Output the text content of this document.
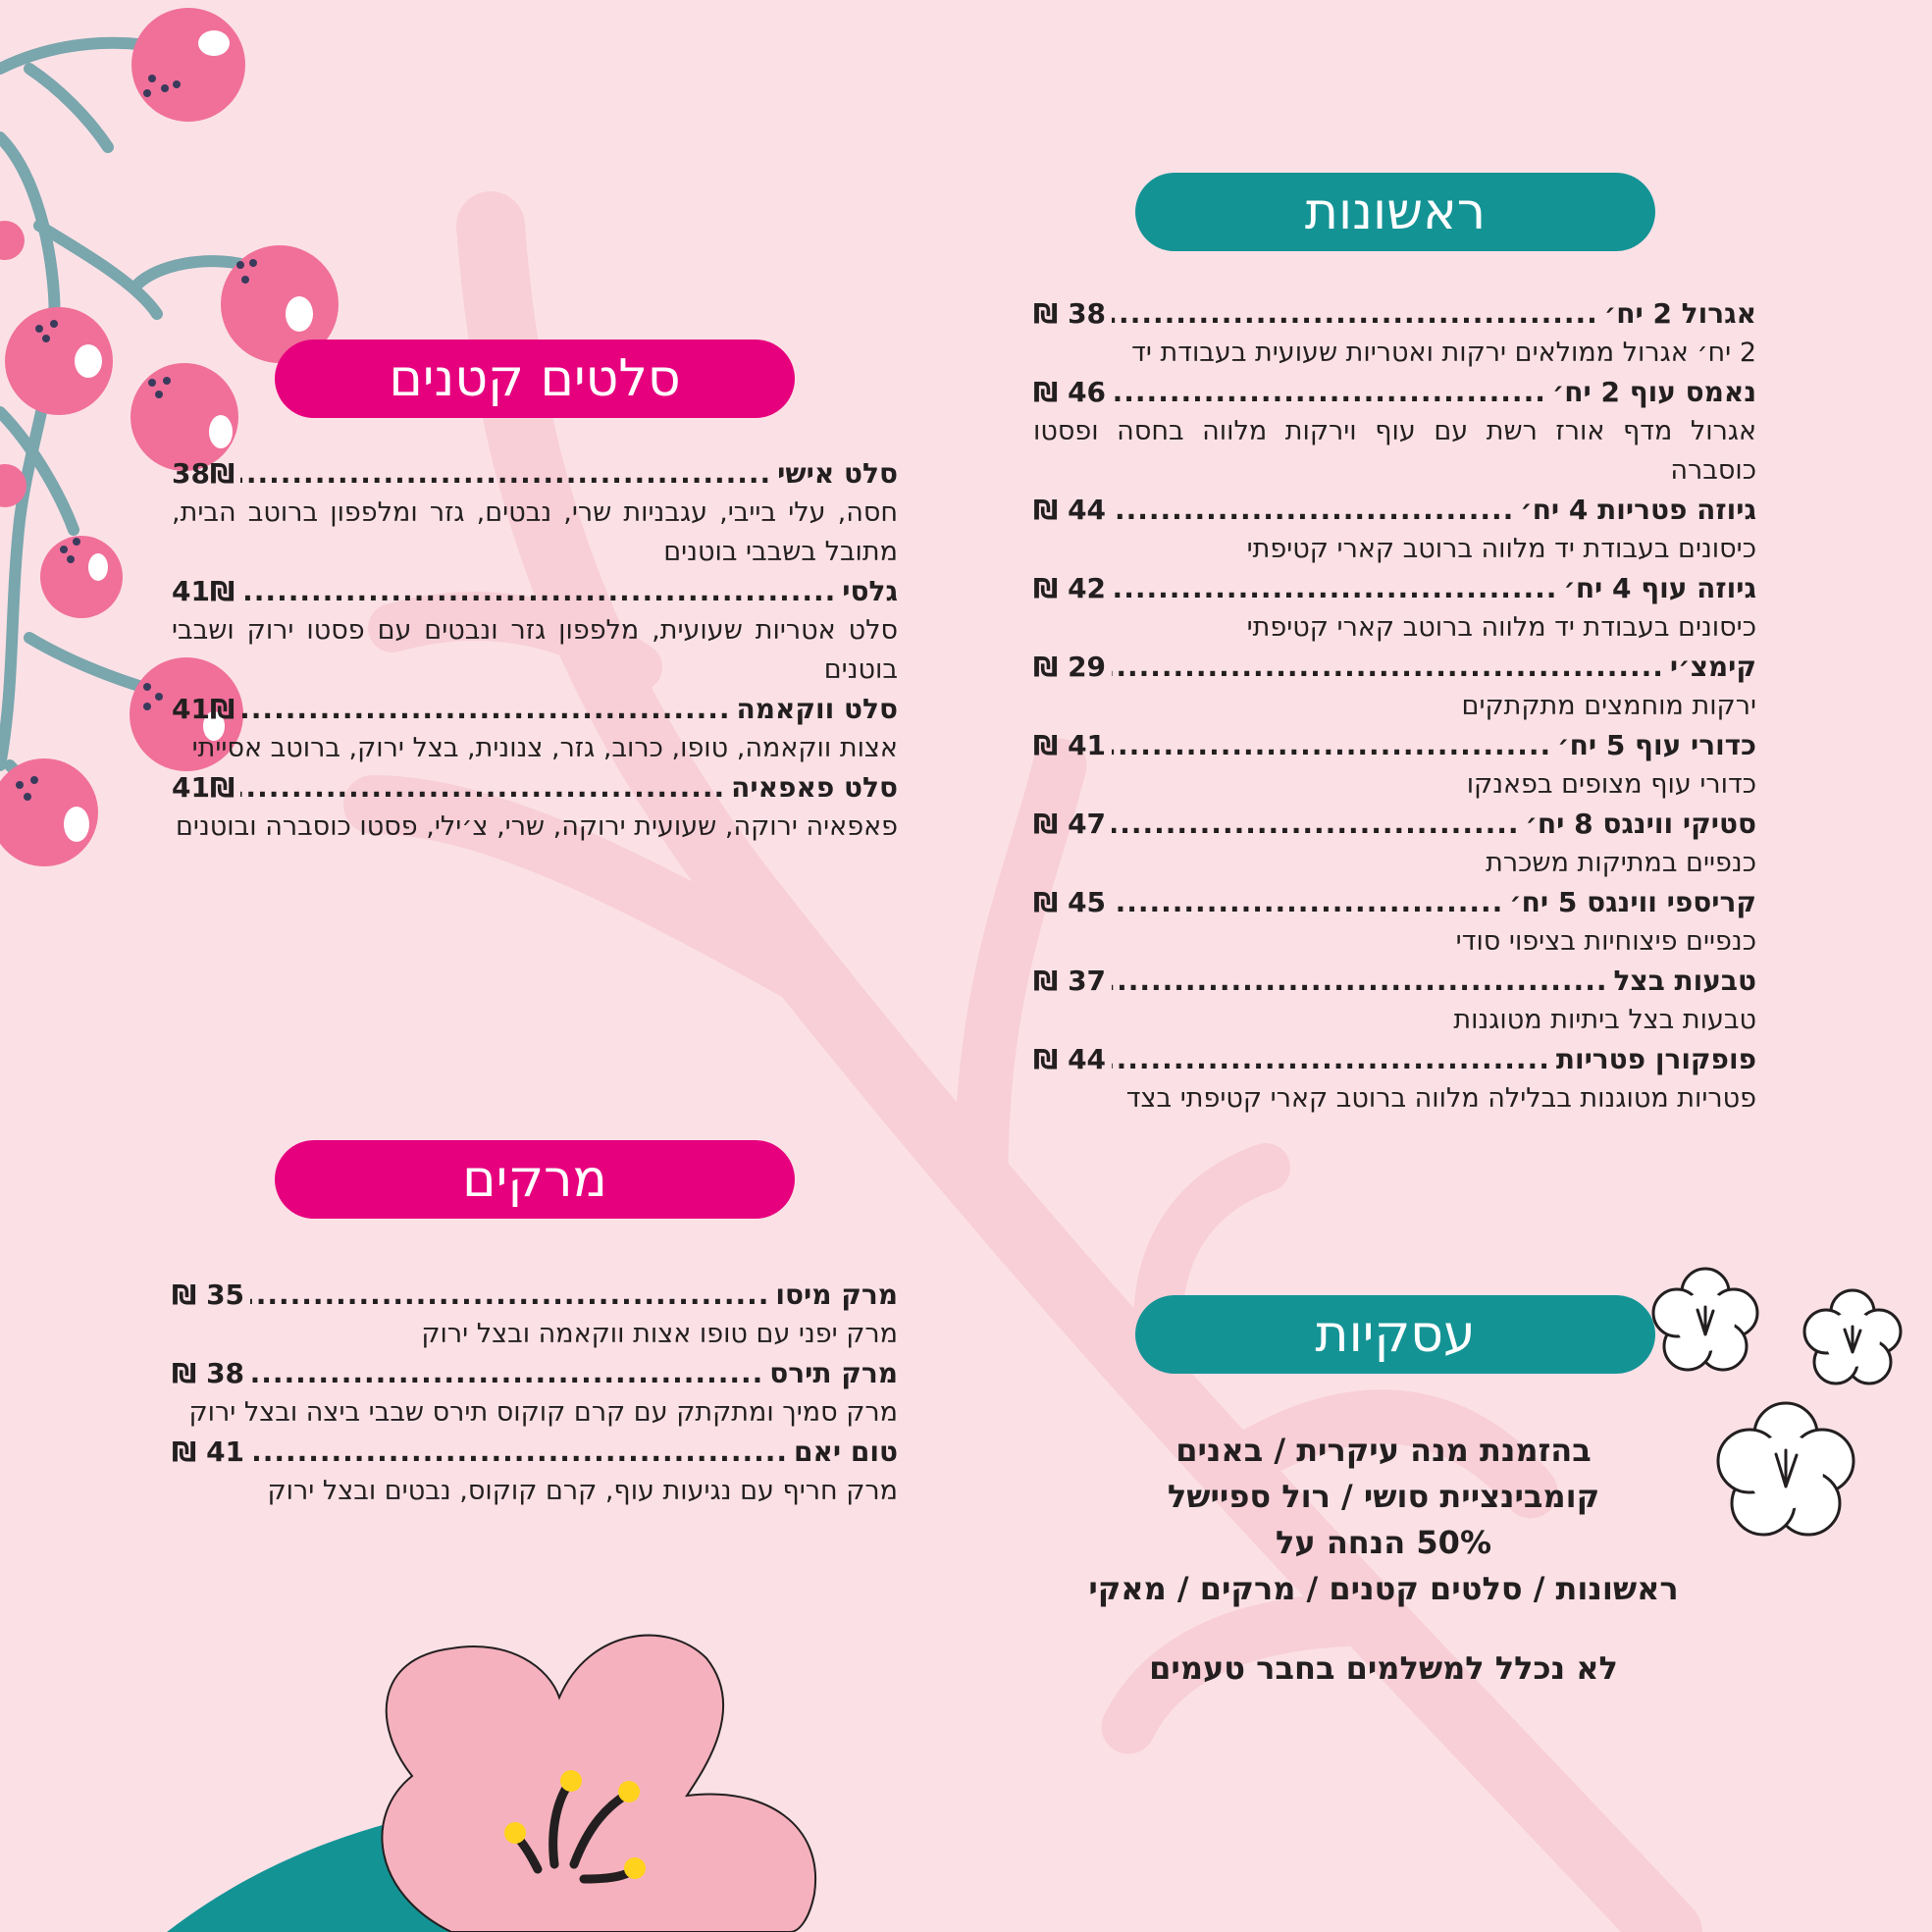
ראשונות
אגרול 2 יח׳
.....
38 ₪
2 יח׳ אגרול ממולאים ירקות ואטריות שעועית בעבודת יד
נאמס עוף 2 יח׳
.....
46 ₪
אגרול מדף אורז רשת עם עוף וירקות מלווה בחסה ופסטו כוסברה
גיוזה פטריות 4 יח׳
.....
44 ₪
כיסונים בעבודת יד מלווה ברוטב קארי קטיפתי
גיוזה עוף 4 יח׳
.....
42 ₪
כיסונים בעבודת יד מלווה ברוטב קארי קטיפתי
קימצ׳י
.....
29 ₪
ירקות מוחמצים מתקתקים
כדורי עוף 5 יח׳
.....
41 ₪
כדורי עוף מצופים בפאנקו
סטיקי ווינגס 8 יח׳
.....
47 ₪
כנפיים במתיקות משכרת
קריספי ווינגס 5 יח׳
.....
45 ₪
כנפיים פיצוחיות בציפוי סודי
טבעות בצל
.....
37 ₪
טבעות בצל ביתיות מטוגנות
פופקורן פטריות
.....
44 ₪
פטריות מטוגנות בבלילה מלווה ברוטב קארי קטיפתי בצד
סלטים קטנים
סלט אישי
.....
38₪
חסה, עלי בייבי, עגבניות שרי, נבטים, גזר ומלפפון ברוטב הבית, מתובל בשבבי בוטנים
גלסי
.....
41₪
סלט אטריות שעועית, מלפפון גזר ונבטים עם פסטו ירוק ושבבי בוטנים
סלט ווקאמה
.....
41₪
אצות ווקאמה, טופו, כרוב, גזר, צנונית, בצל ירוק, ברוטב אסייתי
סלט פאפאיה
.....
41₪
פאפאיה ירוקה, שעועית ירוקה, שרי, צ׳ילי, פסטו כוסברה ובוטנים
מרקים
מרק מיסו
.....
35 ₪
מרק יפני עם טופו אצות ווקאמה ובצל ירוק
מרק תירס
.....
38 ₪
מרק סמיך ומתקתק עם קרם קוקוס תירס שבבי ביצה ובצל ירוק
טום יאם
.....
41 ₪
מרק חריף עם נגיעות עוף, קרם קוקוס, נבטים ובצל ירוק
עסקיות
בהזמנת מנה עיקרית / באנים
קומבינציית סושי / רול ספיישל
50% הנחה על
ראשונות / סלטים קטנים / מרקים / מאקי
לא נכלל למשלמים בחבר טעמים
